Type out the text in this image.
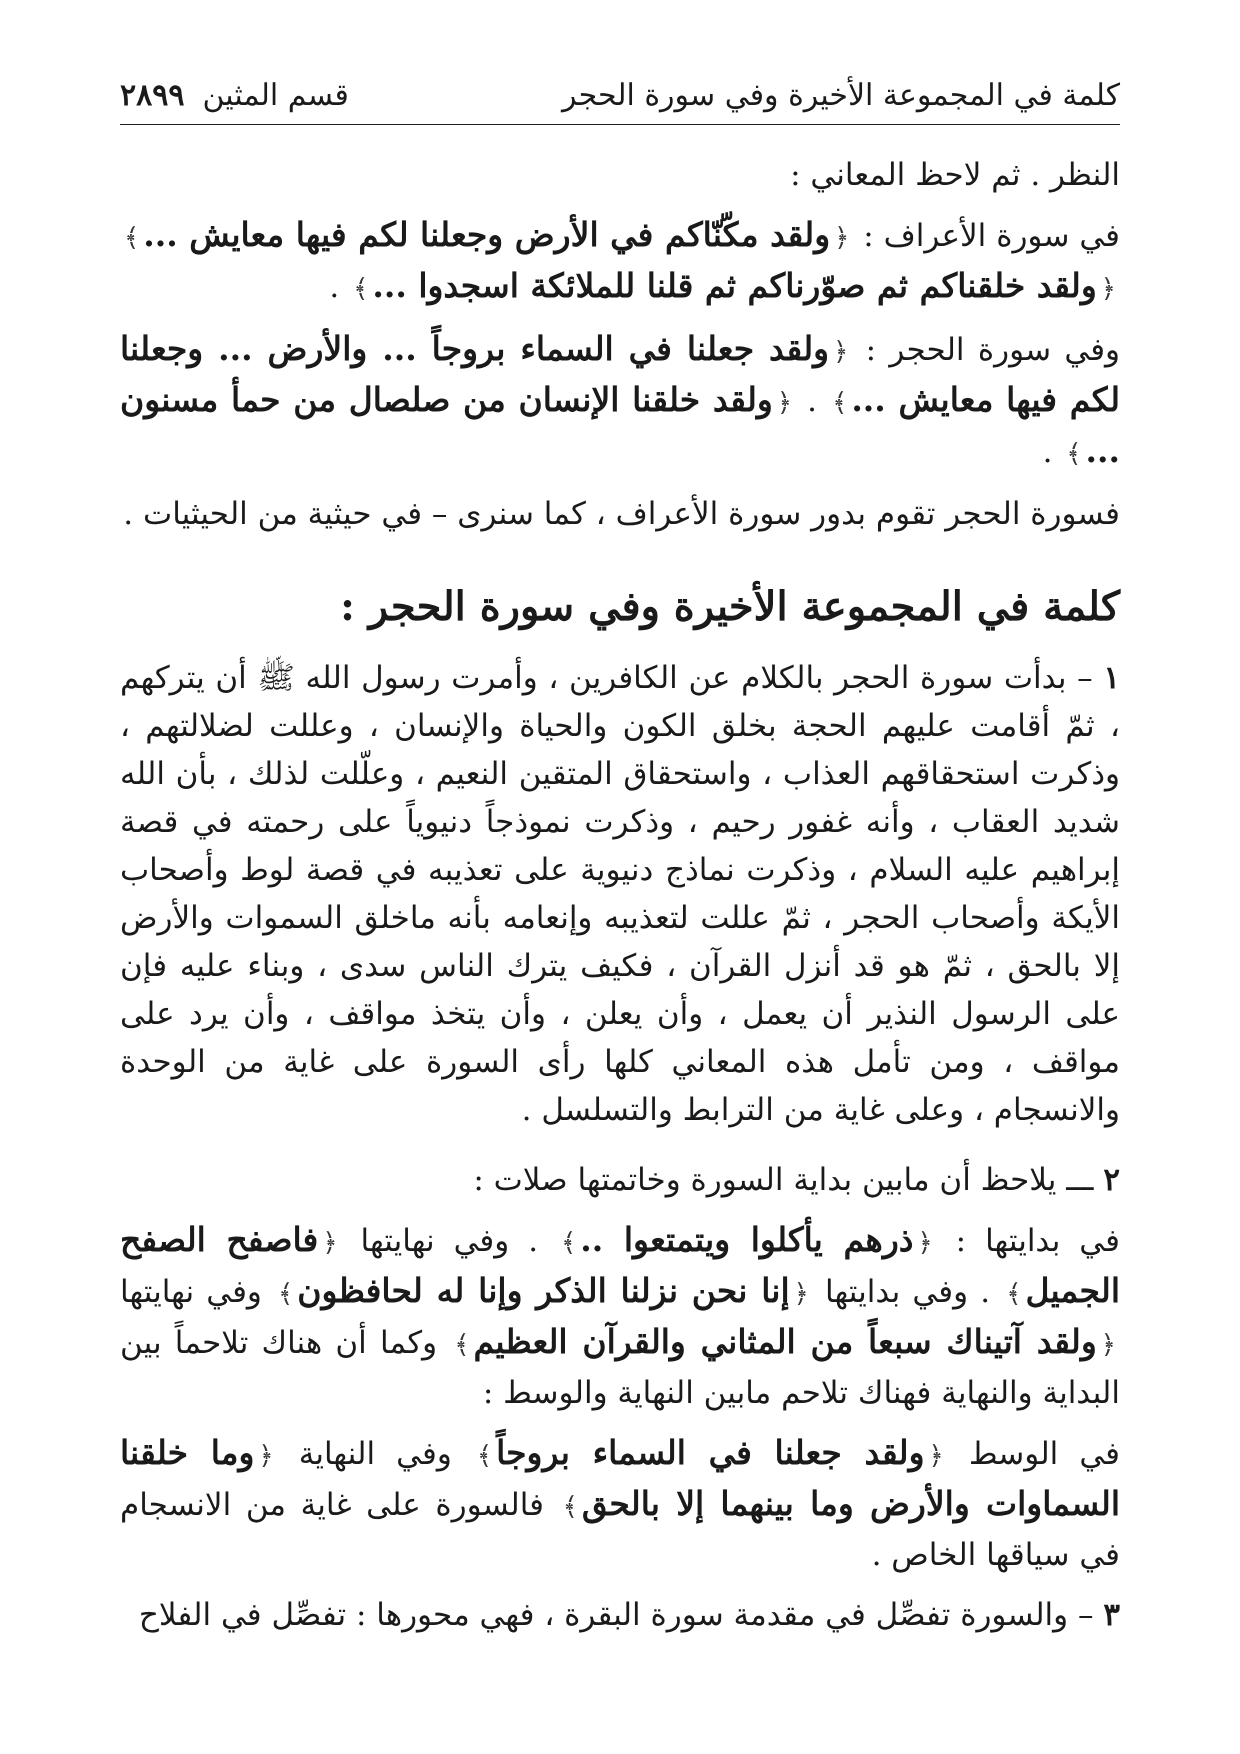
كلمة في المجموعة الأخيرة وفي سورة الحجر
قسم المثين
٢٨٩٩

النظر . ثم لاحظ المعاني :

في سورة الأعراف : ﴿ولقد مكّنّاكم في الأرض وجعلنا لكم فيها معايش ...﴾ ﴿ولقد خلقناكم ثم صوّرناكم ثم قلنا للملائكة اسجدوا ...﴾ .

وفي سورة الحجر : ﴿ولقد جعلنا في السماء بروجاً ... والأرض ... وجعلنا لكم فيها معايش ...﴾ . ﴿ولقد خلقنا الإنسان من صلصال من حمأ مسنون ...﴾ .

فسورة الحجر تقوم بدور سورة الأعراف ، كما سنرى – في حيثية من الحيثيات .

كلمة في المجموعة الأخيرة وفي سورة الحجر :

١ – بدأت سورة الحجر بالكلام عن الكافرين ، وأمرت رسول الله ﷺ أن يتركهم ، ثمّ أقامت عليهم الحجة بخلق الكون والحياة والإنسان ، وعللت لضلالتهم ، وذكرت استحقاقهم العذاب ، واستحقاق المتقين النعيم ، وعلّلت لذلك ، بأن الله شديد العقاب ، وأنه غفور رحيم ، وذكرت نموذجاً دنيوياً على رحمته في قصة إبراهيم عليه السلام ، وذكرت نماذج دنيوية على تعذيبه في قصة لوط وأصحاب الأيكة وأصحاب الحجر ، ثمّ عللت لتعذيبه وإنعامه بأنه ماخلق السموات والأرض إلا بالحق ، ثمّ هو قد أنزل القرآن ، فكيف يترك الناس سدى ، وبناء عليه فإن على الرسول النذير أن يعمل ، وأن يعلن ، وأن يتخذ مواقف ، وأن يرد على مواقف ، ومن تأمل هذه المعاني كلها رأى السورة على غاية من الوحدة والانسجام ، وعلى غاية من الترابط والتسلسل .

٢ ـــ يلاحظ أن مابين بداية السورة وخاتمتها صلات :

في بدايتها : ﴿ذرهم يأكلوا ويتمتعوا ..﴾ . وفي نهايتها ﴿فاصفح الصفح الجميل﴾ . وفي بدايتها ﴿إنا نحن نزلنا الذكر وإنا له لحافظون﴾ وفي نهايتها ﴿ولقد آتيناك سبعاً من المثاني والقرآن العظيم﴾ وكما أن هناك تلاحماً بين البداية والنهاية فهناك تلاحم مابين النهاية والوسط :

في الوسط ﴿ولقد جعلنا في السماء بروجاً﴾ وفي النهاية ﴿وما خلقنا السماوات والأرض وما بينهما إلا بالحق﴾ فالسورة على غاية من الانسجام في سياقها الخاص .

٣ – والسورة تفصِّل في مقدمة سورة البقرة ، فهي محورها : تفصِّل في الفلاح
